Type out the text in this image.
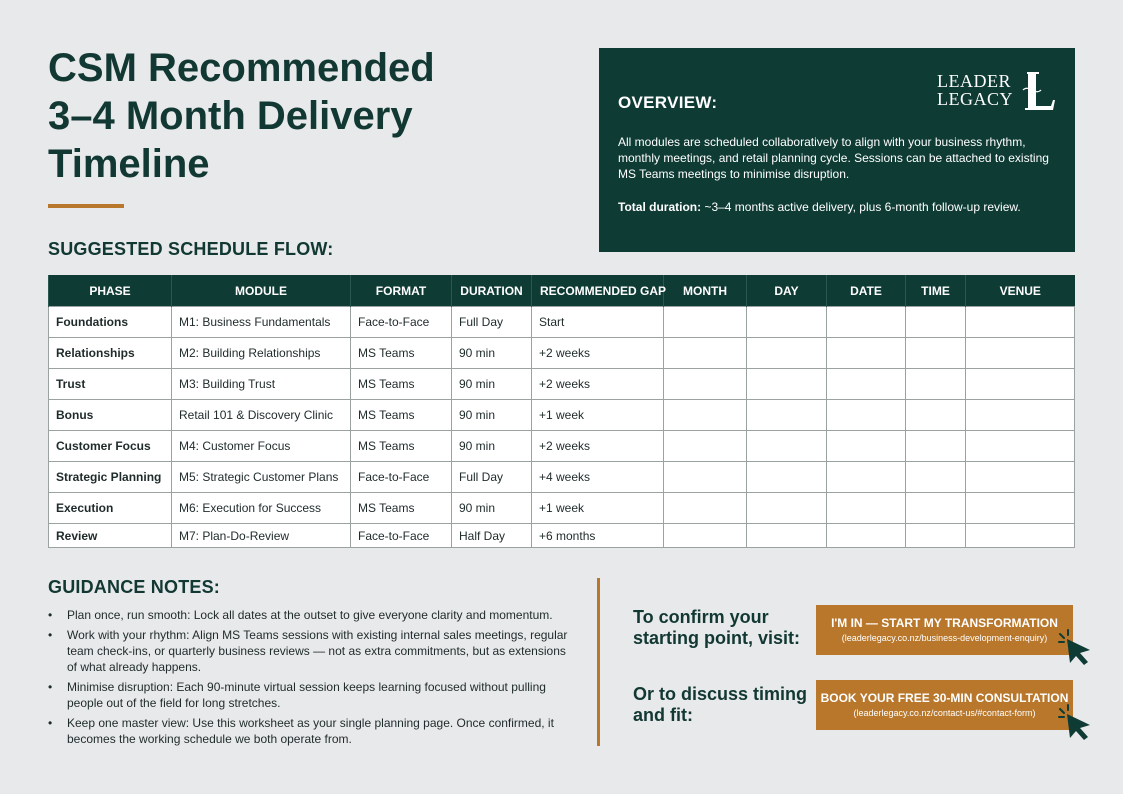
CSM Recommended
3–4 Month Delivery
Timeline
OVERVIEW:
LEADER
LEGACY
All modules are scheduled collaboratively to align with your business rhythm, monthly meetings, and retail planning cycle. Sessions can be attached to existing MS Teams meetings to minimise disruption.
Total duration: ~3–4 months active delivery, plus 6-month follow-up review.
SUGGESTED SCHEDULE FLOW:
PHASE	MODULE	FORMAT	DURATION	RECOMMENDED GAP	MONTH	DAY	DATE	TIME	VENUE
Foundations	M1: Business Fundamentals	Face-to-Face	Full Day	Start					
Relationships	M2: Building Relationships	MS Teams	90 min	+2 weeks					
Trust	M3: Building Trust	MS Teams	90 min	+2 weeks					
Bonus	Retail 101 & Discovery Clinic	MS Teams	90 min	+1 week					
Customer Focus	M4: Customer Focus	MS Teams	90 min	+2 weeks					
Strategic Planning	M5: Strategic Customer Plans	Face-to-Face	Full Day	+4 weeks					
Execution	M6: Execution for Success	MS Teams	90 min	+1 week					
Review	M7: Plan-Do-Review	Face-to-Face	Half Day	+6 months					
GUIDANCE NOTES:
• Plan once, run smooth: Lock all dates at the outset to give everyone clarity and momentum.
• Work with your rhythm: Align MS Teams sessions with existing internal sales meetings, regular team check-ins, or quarterly business reviews — not as extra commitments, but as extensions of what already happens.
• Minimise disruption: Each 90-minute virtual session keeps learning focused without pulling people out of the field for long stretches.
• Keep one master view: Use this worksheet as your single planning page. Once confirmed, it becomes the working schedule we both operate from.
To confirm your starting point, visit:
I'M IN — START MY TRANSFORMATION
(leaderlegacy.co.nz/business-development-enquiry)
Or to discuss timing and fit:
BOOK YOUR FREE 30-MIN CONSULTATION
(leaderlegacy.co.nz/contact-us/#contact-form)
